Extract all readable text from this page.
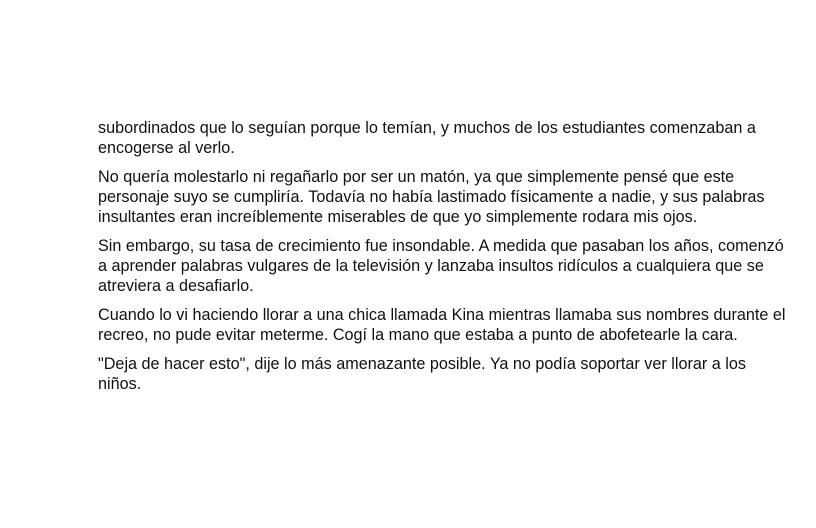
subordinados que lo seguían porque lo temían, y muchos de los estudiantes comenzaban a encogerse al verlo.

No quería molestarlo ni regañarlo por ser un matón, ya que simplemente pensé que este personaje suyo se cumpliría. Todavía no había lastimado físicamente a nadie, y sus palabras insultantes eran increíblemente miserables de que yo simplemente rodara mis ojos.

Sin embargo, su tasa de crecimiento fue insondable. A medida que pasaban los años, comenzó a aprender palabras vulgares de la televisión y lanzaba insultos ridículos a cualquiera que se atreviera a desafiarlo.

Cuando lo vi haciendo llorar a una chica llamada Kina mientras llamaba sus nombres durante el recreo, no pude evitar meterme. Cogí la mano que estaba a punto de abofetearle la cara.

"Deja de hacer esto", dije lo más amenazante posible. Ya no podía soportar ver llorar a los niños.
